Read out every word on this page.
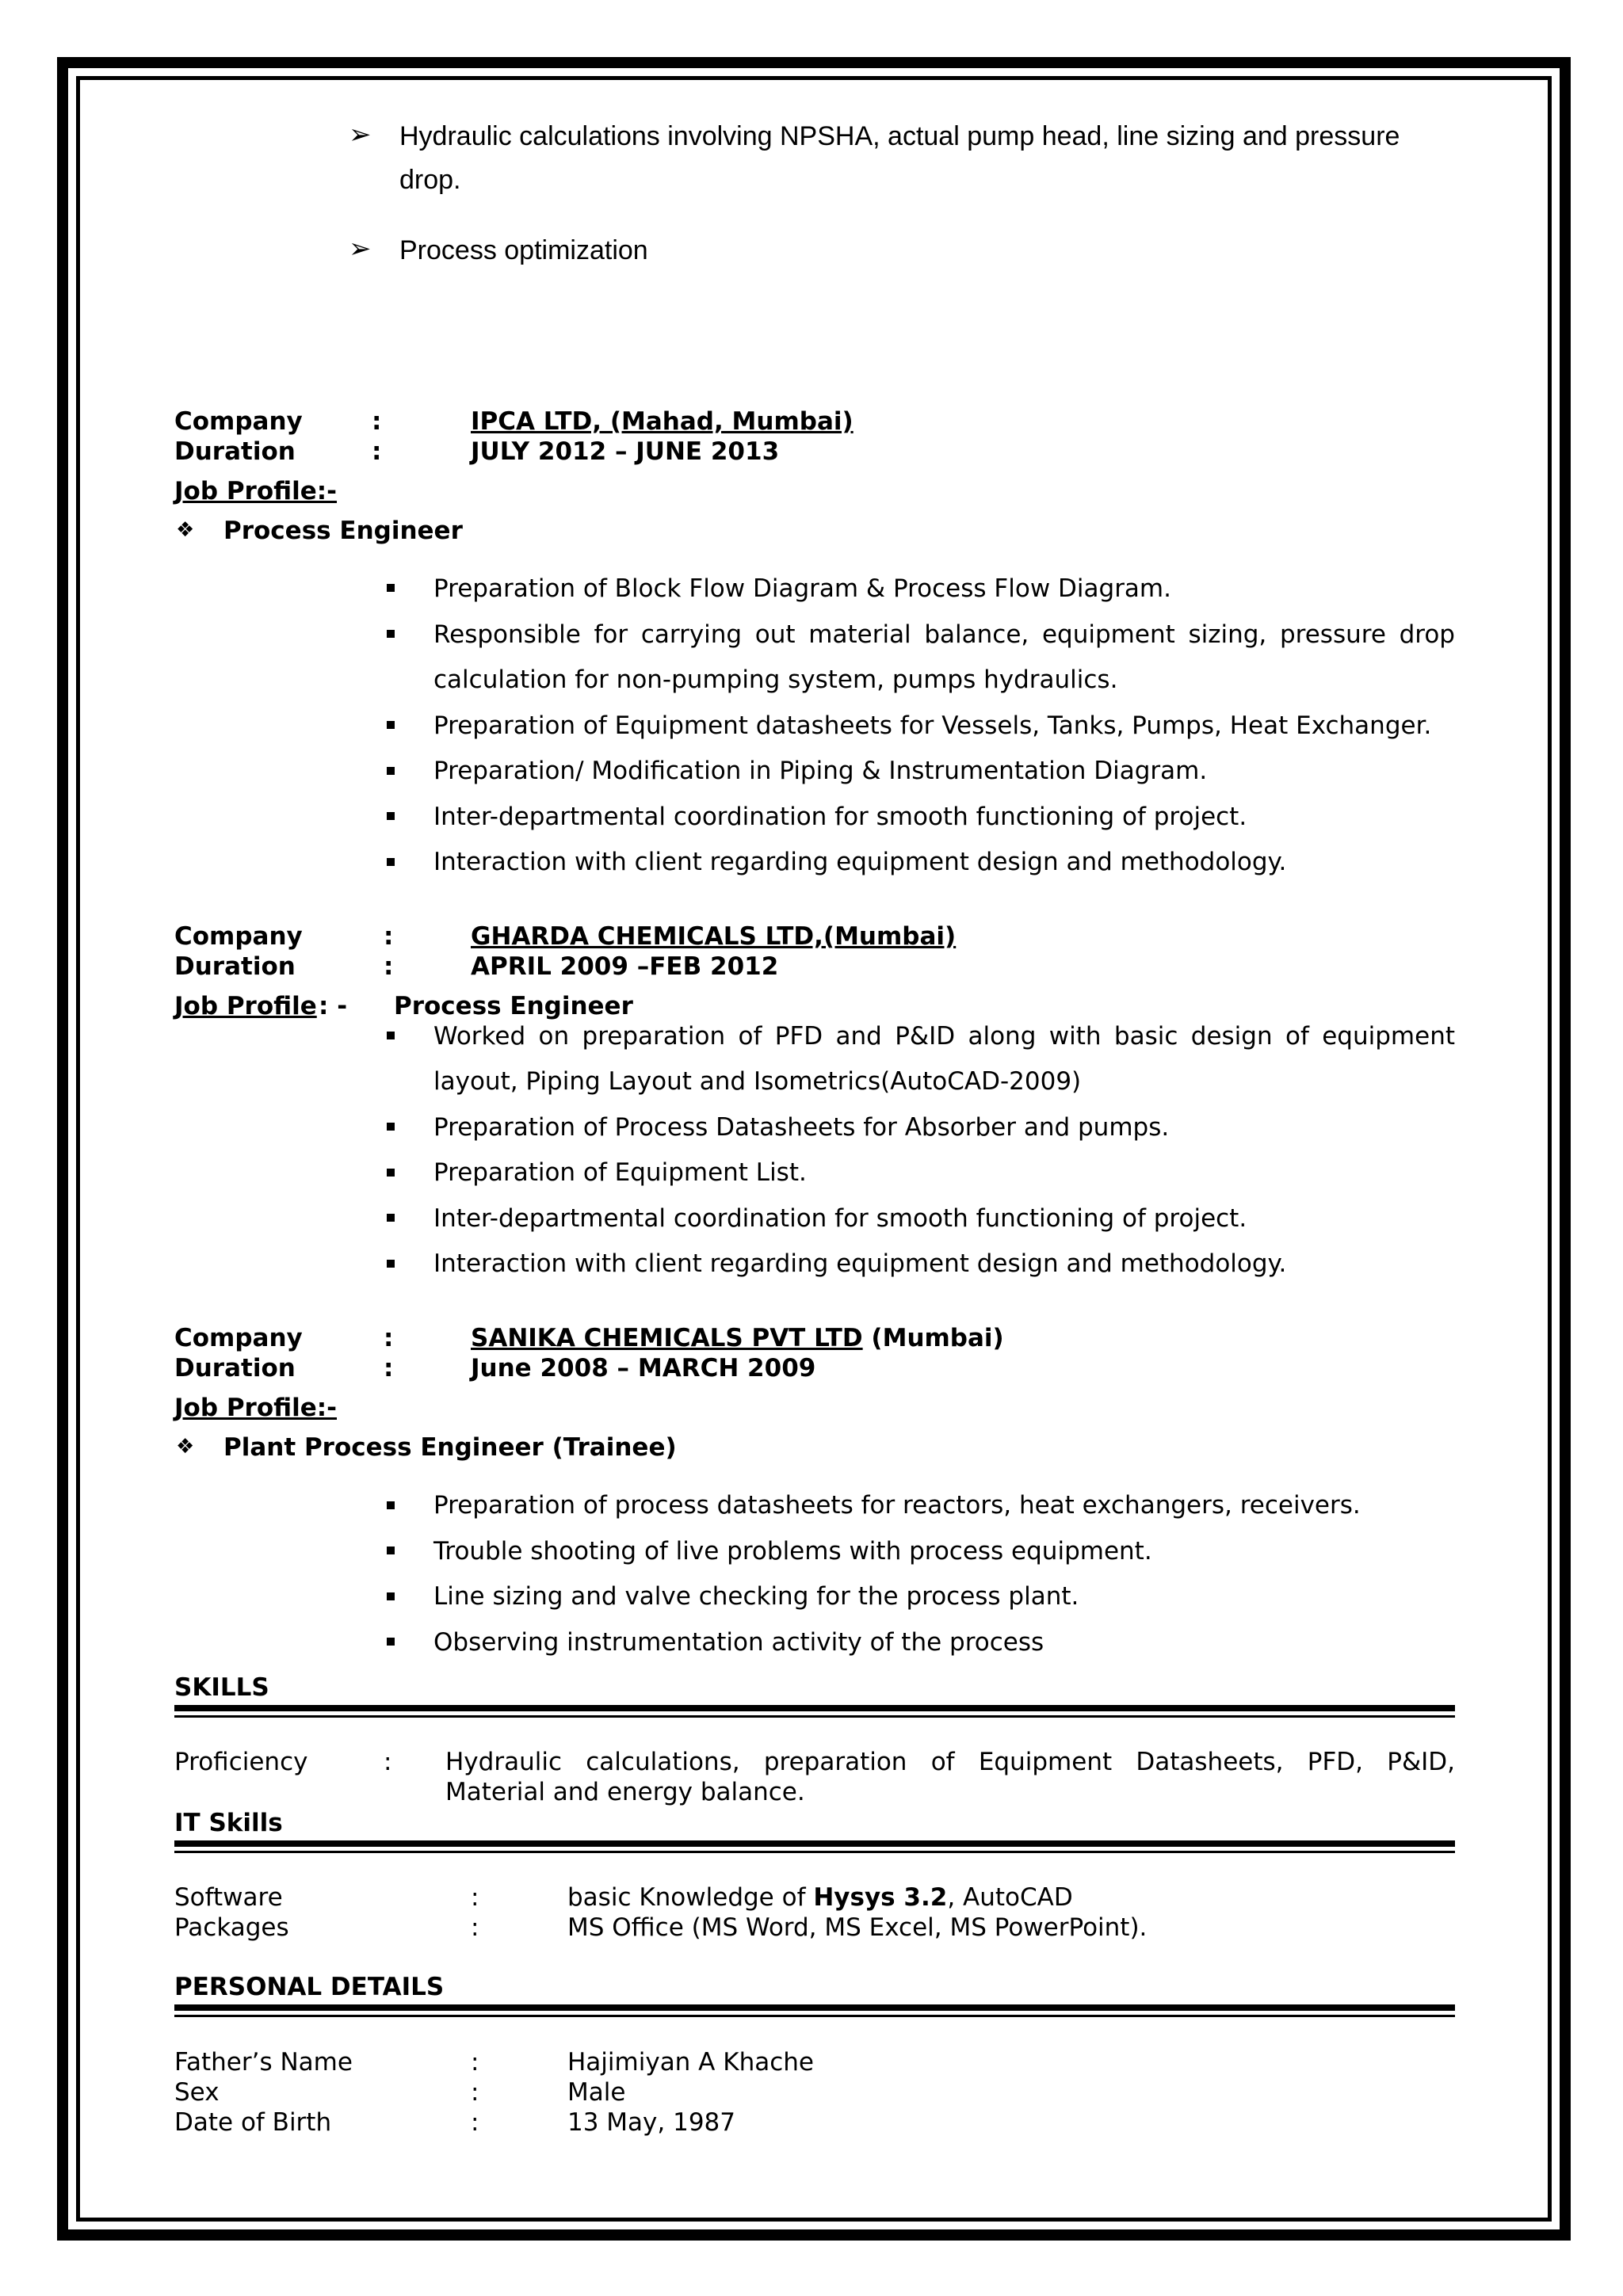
➢ Hydraulic calculations involving NPSHA, actual pump head, line sizing and pressure
drop.
➢ Process optimization
Company	:	IPCA LTD, (Mahad, Mumbai)
Duration	:	JULY 2012 – JUNE 2013
Job Profile:-
❖ Process Engineer
Preparation of Block Flow Diagram & Process Flow Diagram.
Responsible for carrying out material balance, equipment sizing, pressure drop
calculation for non-pumping system, pumps hydraulics.
Preparation of Equipment datasheets for Vessels, Tanks, Pumps, Heat Exchanger.
Preparation/ Modification in Piping & Instrumentation Diagram.
Inter-departmental coordination for smooth functioning of project.
Interaction with client regarding equipment design and methodology.
Company	:	GHARDA CHEMICALS LTD,(Mumbai)
Duration	:	APRIL 2009 –FEB 2012
Job Profile : - Process Engineer
Worked on preparation of PFD and P&ID along with basic design of equipment
layout, Piping Layout and Isometrics(AutoCAD-2009)
Preparation of Process Datasheets for Absorber and pumps.
Preparation of Equipment List.
Inter-departmental coordination for smooth functioning of project.
Interaction with client regarding equipment design and methodology.
Company	:	SANIKA CHEMICALS PVT LTD (Mumbai)
Duration	:	June 2008 – MARCH 2009
Job Profile:-
❖ Plant Process Engineer (Trainee)
Preparation of process datasheets for reactors, heat exchangers, receivers.
Trouble shooting of live problems with process equipment.
Line sizing and valve checking for the process plant.
Observing instrumentation activity of the process
SKILLS
Proficiency	: Hydraulic calculations, preparation of Equipment Datasheets, PFD, P&ID,
Material and energy balance.
IT Skills
Software	:	basic Knowledge of Hysys 3.2, AutoCAD
Packages	:	MS Office (MS Word, MS Excel, MS PowerPoint).
PERSONAL DETAILS
Father’s Name	:	Hajimiyan A Khache
Sex	:	Male
Date of Birth	:	13 May, 1987
